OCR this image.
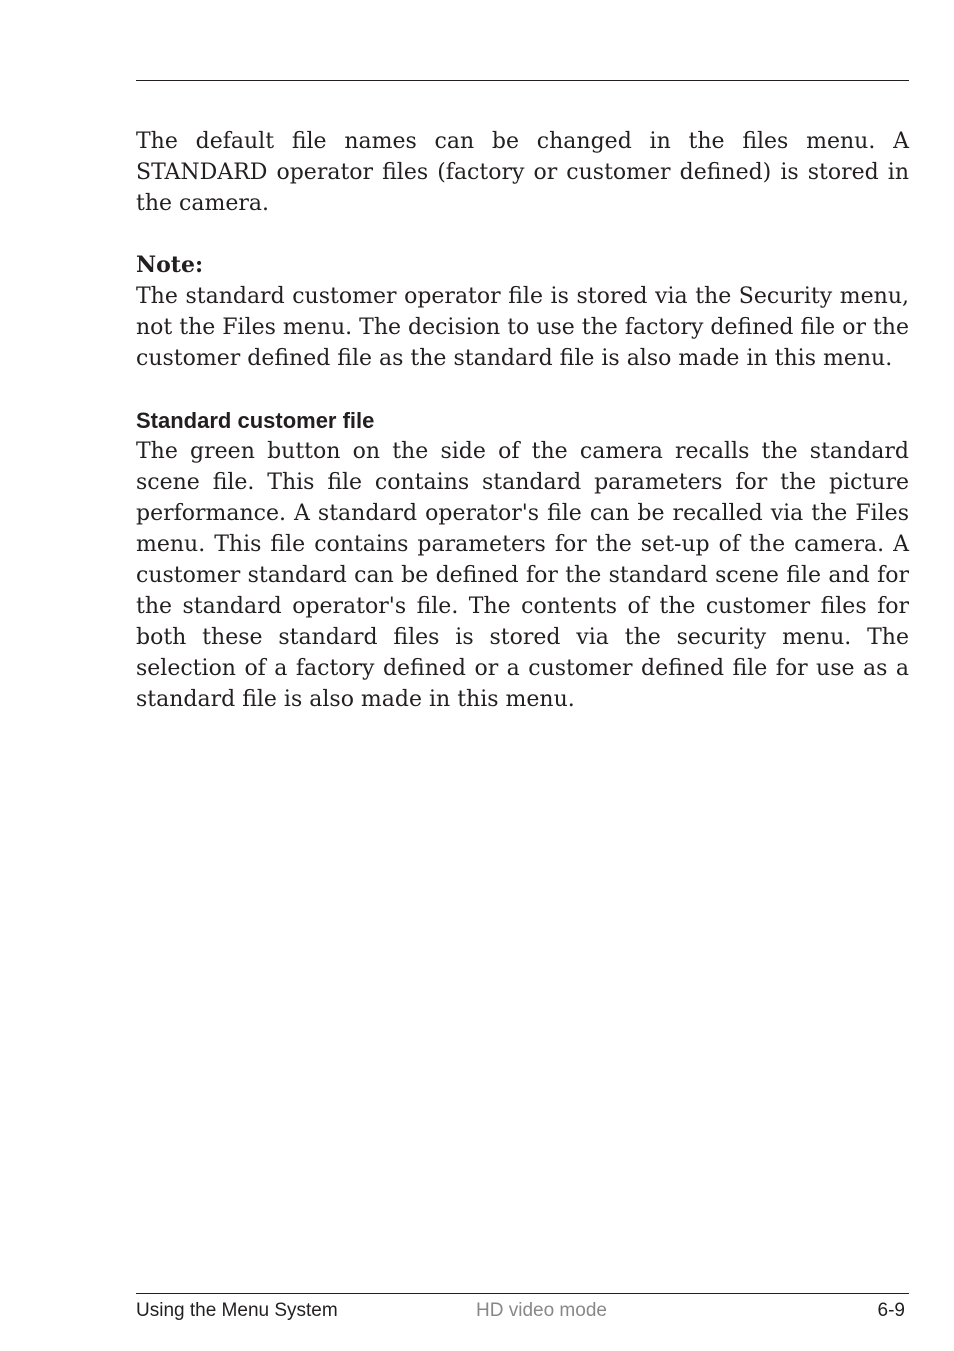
The default file names can be changed in the files menu. A STANDARD operator files (factory or customer defined) is stored in the camera.

Note:

The standard customer operator file is stored via the Security menu, not the Files menu. The decision to use the factory defined file or the customer defined file as the standard file is also made in this menu.

Standard customer file

The green button on the side of the camera recalls the standard scene file. This file contains standard parameters for the picture performance. A standard operator's file can be recalled via the Files menu. This file contains parameters for the set-up of the camera. A customer standard can be defined for the standard scene file and for the standard operator's file. The contents of the customer files for both these standard files is stored via the security menu. The selection of a factory defined or a customer defined file for use as a standard file is also made in this menu.

Using the Menu System	HD video mode	6-9
